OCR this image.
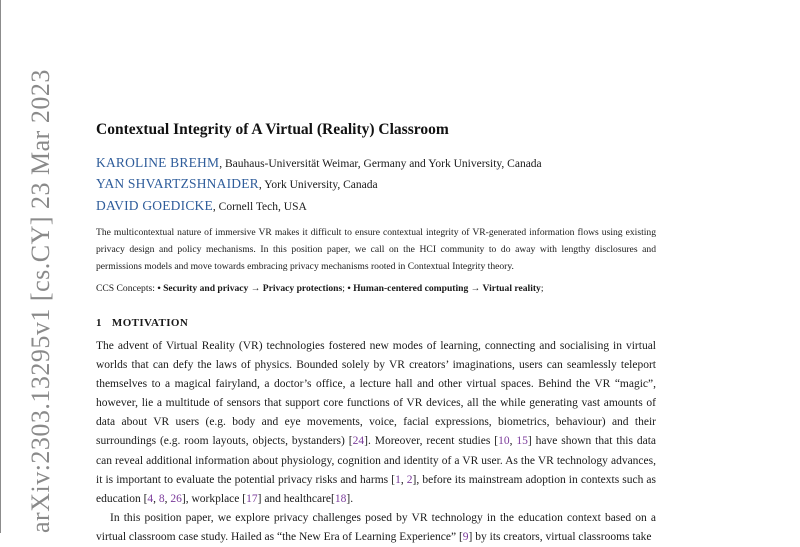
arXiv:2303.13295v1 [cs.CY] 23 Mar 2023	Contextual Integrity of A Virtual (Reality) Classroom
KAROLINE BREHM, Bauhaus-Universität Weimar, Germany and York University, Canada
YAN SHVARTZSHNAIDER, York University, Canada
DAVID GOEDICKE, Cornell Tech, USA
The multicontextual nature of immersive VR makes it difficult to ensure contextual integrity of VR-generated information flows using existing privacy design and policy mechanisms. In this position paper, we call on the HCI community to do away with lengthy disclosures and permissions models and move towards embracing privacy mechanisms rooted in Contextual Integrity theory.
CCS Concepts: • Security and privacy → Privacy protections; • Human-centered computing → Virtual reality;
1 MOTIVATION

The advent of Virtual Reality (VR) technologies fostered new modes of learning, connecting and socialising in virtual worlds that can defy the laws of physics. Bounded solely by VR creators’ imaginations, users can seamlessly teleport themselves to a magical fairyland, a doctor’s office, a lecture hall and other virtual spaces. Behind the VR “magic”, however, lie a multitude of sensors that support core functions of VR devices, all the while generating vast amounts of data about VR users (e.g. body and eye movements, voice, facial expressions, biometrics, behaviour) and their surroundings (e.g. room layouts, objects, bystanders) [24]. Moreover, recent studies [10, 15] have shown that this data can reveal additional information about physiology, cognition and identity of a VR user. As the VR technology advances, it is important to evaluate the potential privacy risks and harms [1, 2], before its mainstream adoption in contexts such as education [4, 8, 26], workplace [17] and healthcare[18].

In this position paper, we explore privacy challenges posed by VR technology in the education context based on a virtual classroom case study. Hailed as “the New Era of Learning Experience” [9] by its creators, virtual classrooms take
